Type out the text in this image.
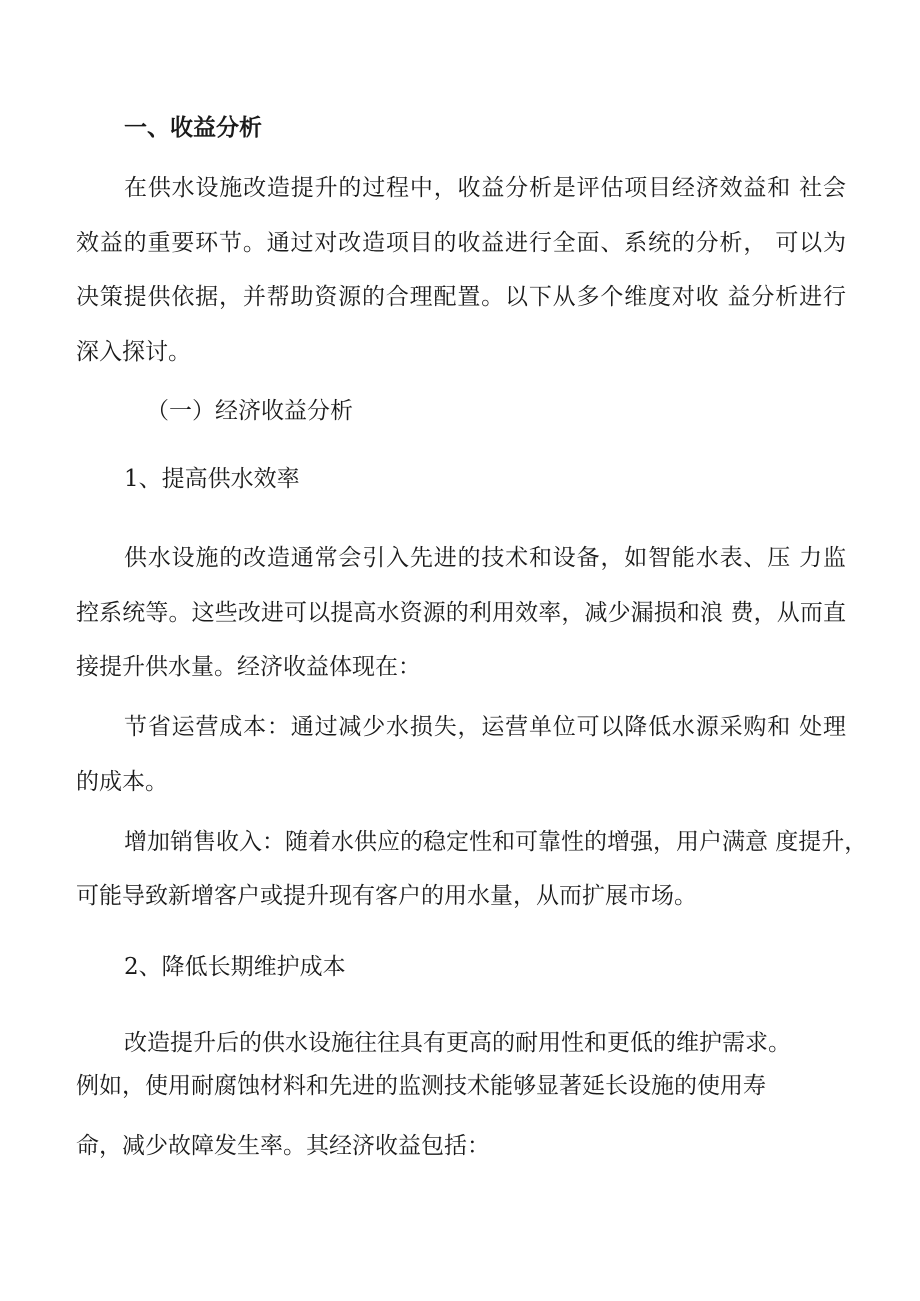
一、收益分析
在供水设施改造提升的过程中，收益分析是评估项目经济效益和 社会
效益的重要环节。通过对改造项目的收益进行全面、系统的分析， 可以为
决策提供依据，并帮助资源的合理配置。以下从多个维度对收 益分析进行
深入探讨。
（一）经济收益分析
1、提高供水效率
供水设施的改造通常会引入先进的技术和设备，如智能水表、压 力监
控系统等。这些改进可以提高水资源的利用效率，减少漏损和浪 费，从而直
接提升供水量。经济收益体现在：
节省运营成本：通过减少水损失，运营单位可以降低水源采购和 处理
的成本。
增加销售收入：随着水供应的稳定性和可靠性的增强，用户满意 度提升，
可能导致新增客户或提升现有客户的用水量，从而扩展市场。
2、降低长期维护成本
改造提升后的供水设施往往具有更高的耐用性和更低的维护需求。
例如，使用耐腐蚀材料和先进的监测技术能够显著延长设施的使用寿
命，减少故障发生率。其经济收益包括：
